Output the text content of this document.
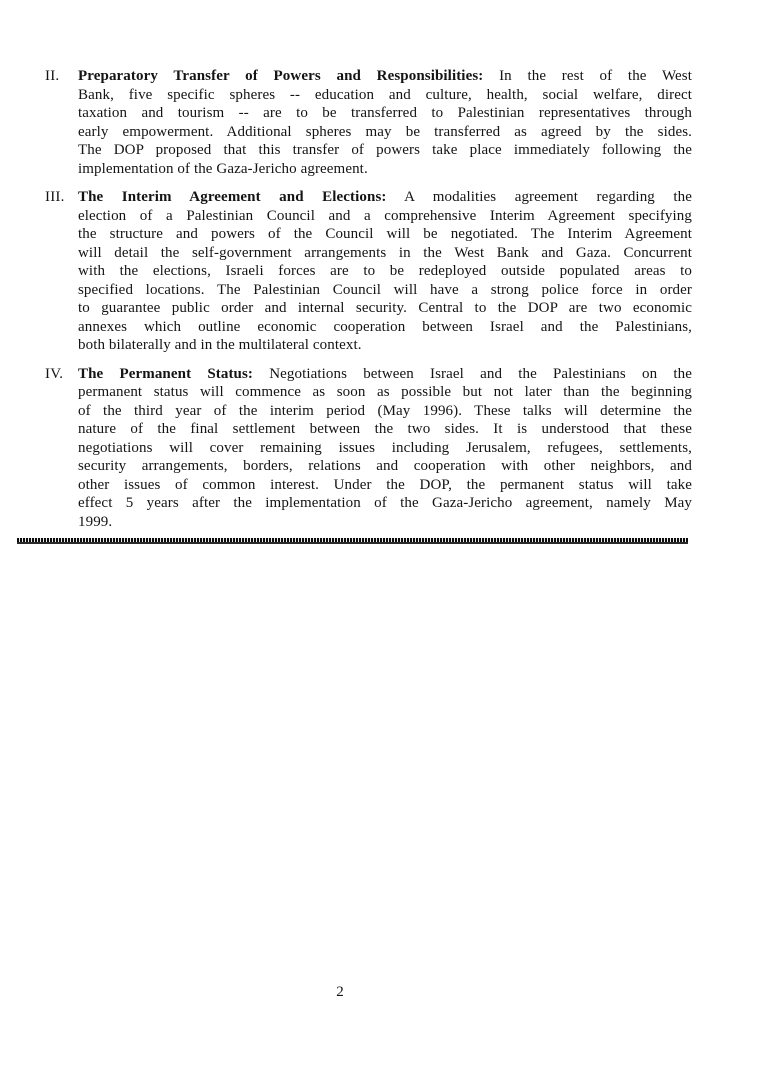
II.	Preparatory Transfer of Powers and Responsibilities: In the rest of the West
Bank, five specific spheres -- education and culture, health, social welfare, direct
taxation and tourism -- are to be transferred to Palestinian representatives through
early empowerment. Additional spheres may be transferred as agreed by the sides.
The DOP proposed that this transfer of powers take place immediately following the
implementation of the Gaza-Jericho agreement.
III. The Interim Agreement and Elections: A modalities agreement regarding the
election of a Palestinian Council and a comprehensive Interim Agreement specifying
the structure and powers of the Council will be negotiated. The Interim Agreement
will detail the self-government arrangements in the West Bank and Gaza. Concurrent
with the elections, Israeli forces are to be redeployed outside populated areas to
specified locations. The Palestinian Council will have a strong police force in order
to guarantee public order and internal security. Central to the DOP are two economic
annexes which outline economic cooperation between Israel and the Palestinians,
both bilaterally and in the multilateral context.
IV. The Permanent Status: Negotiations between Israel and the Palestinians on the
permanent status will commence as soon as possible but not later than the beginning
of the third year of the interim period (May 1996). These talks will determine the
nature of the final settlement between the two sides. It is understood that these
negotiations will cover remaining issues including Jerusalem, refugees, settlements,
security arrangements, borders, relations and cooperation with other neighbors, and
other issues of common interest. Under the DOP, the permanent status will take
effect 5 years after the implementation of the Gaza-Jericho agreement, namely May
1999.
2
